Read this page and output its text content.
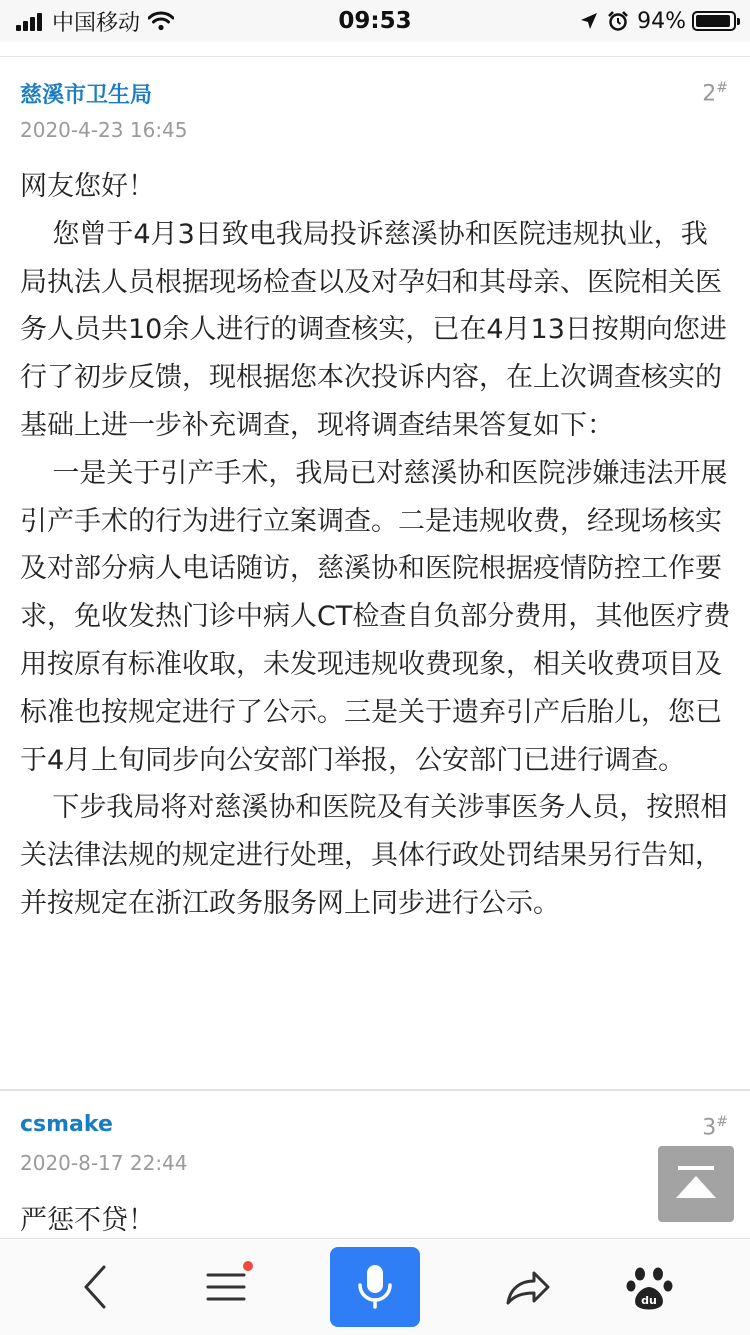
中国移动	09:53	94%
慈溪市卫生局
2020-4-23 16:45
2#

网友您好！

您曾于4月3日致电我局投诉慈溪协和医院违规执业，我局执法人员根据现场检查以及对孕妇和其母亲、医院相关医务人员共10余人进行的调查核实，已在4月13日按期向您进行了初步反馈，现根据您本次投诉内容，在上次调查核实的基础上进一步补充调查，现将调查结果答复如下：

一是关于引产手术，我局已对慈溪协和医院涉嫌违法开展引产手术的行为进行立案调查。二是违规收费，经现场核实及对部分病人电话随访，慈溪协和医院根据疫情防控工作要求，免收发热门诊中病人CT检查自负部分费用，其他医疗费用按原有标准收取，未发现违规收费现象，相关收费项目及标准也按规定进行了公示。三是关于遗弃引产后胎儿，您已于4月上旬同步向公安部门举报，公安部门已进行调查。

下步我局将对慈溪协和医院及有关涉事医务人员，按照相关法律法规的规定进行处理，具体行政处罚结果另行告知，并按规定在浙江政务服务网上同步进行公示。

csmake
2020-8-17 22:44
3#

严惩不贷！

du
